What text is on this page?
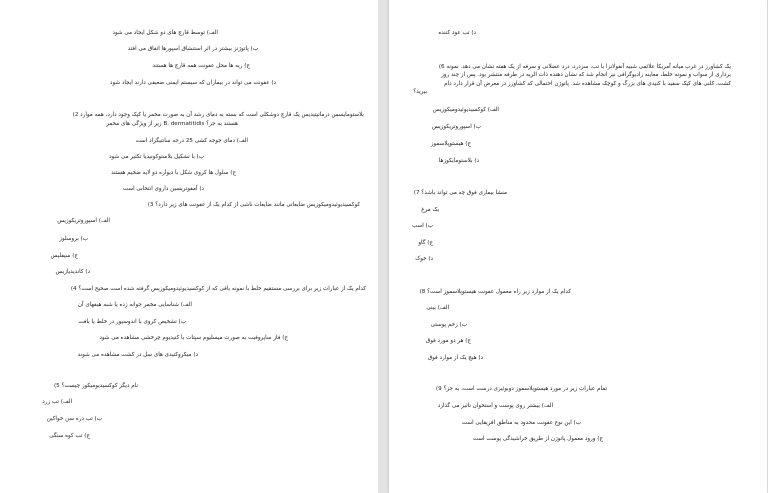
الف) توسط قارچ های دو شکل ایجاد می شود
ب) پاتوژنز بیشتر در اثر استنشاق اسپورها اتفاق می افتد
ج) ریه ها محل عفونت همه قارچ ها هستند
د) عفونت می تواند در بیماران که سیستم ایمنی ضعیفی دارند ایجاد شود
بلاستومایسس درماتیتیدیس یک قارچ دوشکلی است که بسته به دمای رشد آن به صورت مخمر یا کپک وجود دارد، همه موارد 2)
هستند به جز؟ B. dermatitidis زیر از ویژگی های مخمر
الف) دمای جوجه کشی 25 درجه سانتیگراد است
ب) با تشکیل بلاستوکونیدیا تکثیر می شود
ج) سلول ها کروی شکل با دیواره دو لایه ضخیم هستند
د) آمفوتریسین داروی انتخابی است
کوکسیدیوئیدومیکوزیس ضایعاتی مانند ضایعات ناشی از کدام یک از عفونت های زیر دارد؟ 3)
الف) اسپوروتریکوزیس
ب) بروسلوز
ج) سیفلیس
د) کاندیدیازیس
کدام یک از عبارات زیر برای بررسی مستقیم خلط با نمونه باقی که از کوکسیدیوئیدومیکوزیس گرفته شده است صحیح است؟ 4)
الف) شناسایی مخمر جوانه زده یا شبه هیفهای آن
ب) تشخیص کروی با اندوسپور در خلط یا بافت
ج) فاز ساپروفیت به صورت میسلیوم سپتات با کنیدیوم چرخشی مشاهده می شود
د) میکروکنیدی های سل در کشت مشاهده می شوند
نام دیگر کوکسیدیومیکوز چیست؟ 5)
الف) تب زرد
ب) تب دره سن خواکین
ج) تب کوه سنگی
د) تب عود کننده
یک کشاورز در غرب میانه آمریکا علائمی شبیه آنفولانزا با تب، سردرد، درد عضلانی و سرفه از یک هفته نشان می دهد. نمونه 6)
برداری از سواب و نمونه خلط، معاینه رادیوگرافی نیز انجام شد که نشان دهنده ذات الریه در طرفه منتشر بود. پس از چند روز
کشت، کلنی های کپک سفید با کنیدی های بزرگ و کوچک مشاهده شد. پاتوژن احتمالی که کشاورز در معرض آن قرار دارد دام
بیرید؟
الف) کوکسیدیوئیدومیکوزیس
ب) اسپوروتریکوزیس
ج) هیستوپلاسموز
د) بلاستومایکوزها
منشا بیماری فوق چه می تواند باشد؟ 7)
یک مرغ
ب) اسب
ج) گاو
د) خوک
کدام یک از موارد زیر راه معمول عفونت هیستوپلاسموز است؟ 8)
الف) بینی
ب) زخم پوستی
ج) هر دو مورد فوق
د) هیچ یک از موارد فوق
تمام عبارات زیر در مورد هیستوپلاسموز دوبوئیزی درست است، به جز؟ 9)
الف) بیشتر روی پوست و استخوان تاثیر می گذارد
ب) این نوع عفونت محدود به مناطق افریقایی است
ج) ورود معمول پاتوژن از طریق خراشیدگی پوست است
